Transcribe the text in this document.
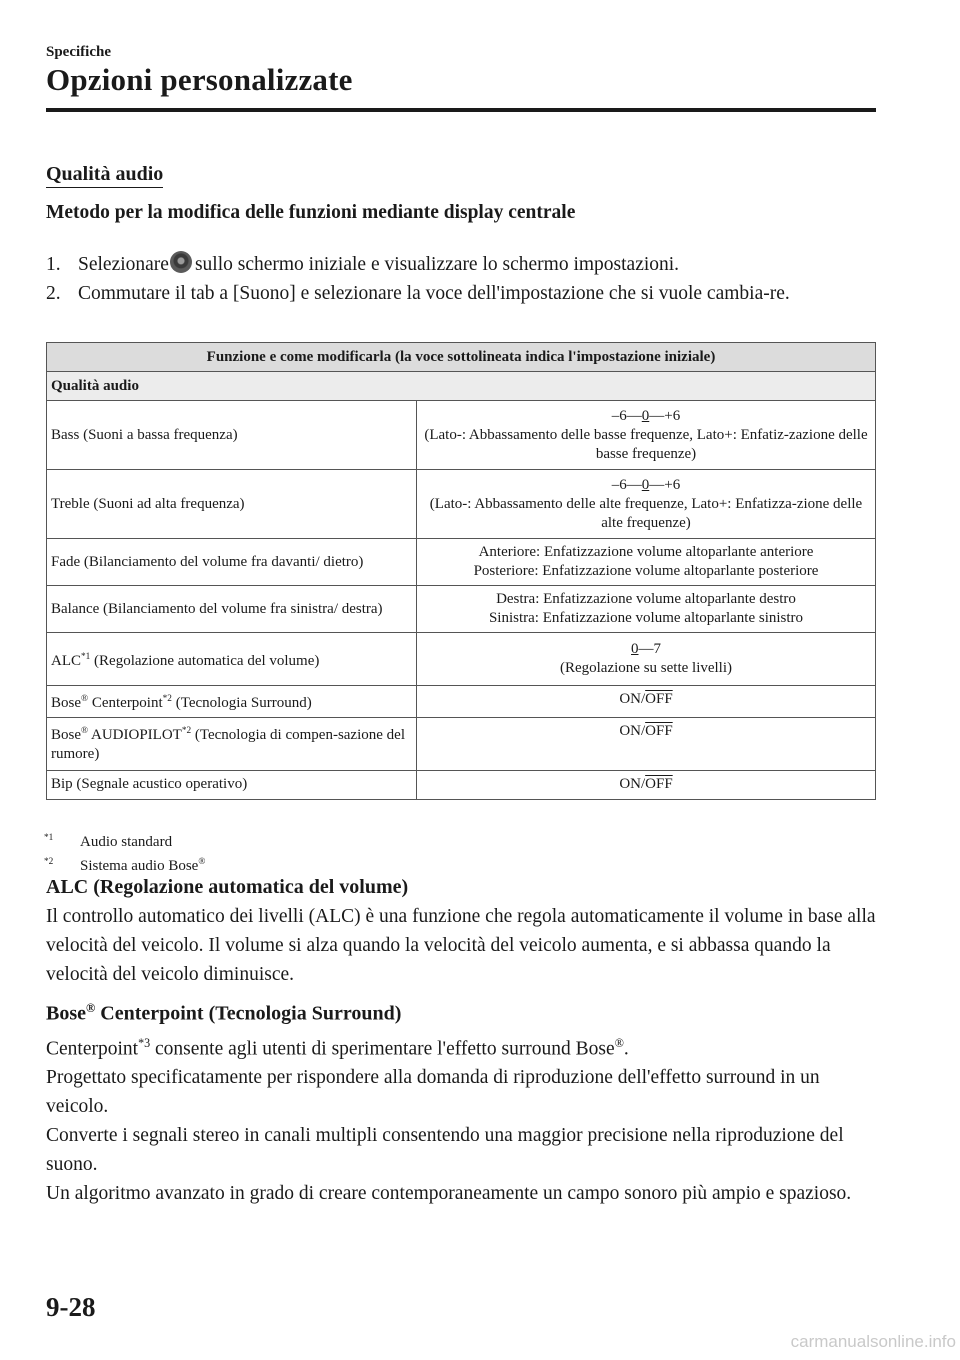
Specifiche
Opzioni personalizzate
Qualità audio
Metodo per la modifica delle funzioni mediante display centrale
1. Selezionare sullo schermo iniziale e visualizzare lo schermo impostazioni.
2. Commutare il tab a [Suono] e selezionare la voce dell'impostazione che si vuole cambia-re.
Funzione e come modificarla (la voce sottolineata indica l'impostazione iniziale)	
Qualità audio	
Bass (Suoni a bassa frequenza)	–6—0—+6
(Lato-: Abbassamento delle basse frequenze, Lato+: Enfatiz-zazione delle basse frequenze)

Treble (Suoni ad alta frequenza)	–6—0—+6
(Lato-: Abbassamento delle alte frequenze, Lato+: Enfatizza-zione delle alte frequenze)

Fade (Bilanciamento del volume fra davanti/ dietro)	Anteriore: Enfatizzazione volume altoparlante anteriore
Posteriore: Enfatizzazione volume altoparlante posteriore

Balance (Bilanciamento del volume fra sinistra/ destra)	Destra: Enfatizzazione volume altoparlante destro
Sinistra: Enfatizzazione volume altoparlante sinistro

ALC$^{*1}$ (Regolazione automatica del volume)	0—7
(Regolazione su sette livelli)

Bose® Centerpoint$^{*2}$ (Tecnologia Surround)	$ON/\overline{OFF}$
Bose® AUDIOPILOT$^{*2}$ (Tecnologia di compen-sazione del rumore)	$ON/\overline{OFF}$
Bip (Segnale acustico operativo)	$ON/\overline{OFF}$
$^{*1}$ Audio standard
$^{*2}$ Sistema audio Bose®
ALC (Regolazione automatica del volume)

Il controllo automatico dei livelli (ALC) è una funzione che regola automaticamente il volume in base alla velocità del veicolo. Il volume si alza quando la velocità del veicolo aumenta, e si abbassa quando la velocità del veicolo diminuisce.

Bose® Centerpoint (Tecnologia Surround)

Centerpoint$^{*3}$ consente agli utenti di sperimentare l'effetto surround Bose®.

Progettato specificatamente per rispondere alla domanda di riproduzione dell'effetto surround in un veicolo.

Converte i segnali stereo in canali multipli consentendo una maggior precisione nella riproduzione del suono.

Un algoritmo avanzato in grado di creare contemporaneamente un campo sonoro più ampio e spazioso.

9-28
carmanualsonline.info
